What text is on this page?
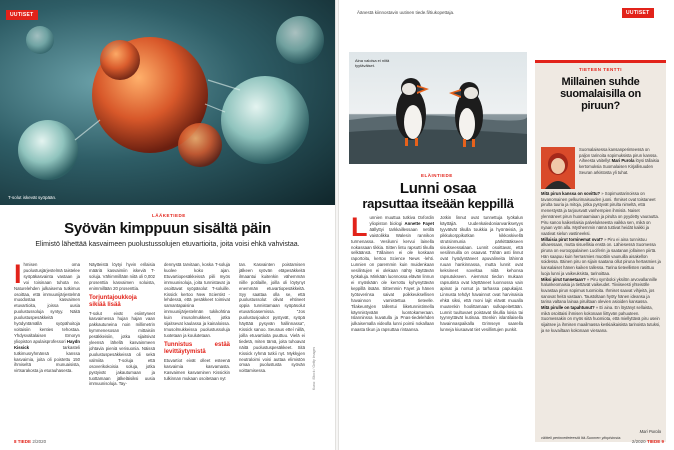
UUTISET
T-solut iskevät syöpään.
LÄÄKETIEDE
Syövän kimppuun sisältä päin

Elimistö lähettää kasvaimeen puolustussolujen etuvartioita, joita voisi ehkä vahvistaa.

I hmisen oma puolustusjärjestelmä taistelee syöpäkasvainta vastaan ja voi toisinaan tuhota ne. Naturelehden julkaisema tutkimus osoittaa, että immuunijärjestelmä muodostaa kasvaimen etuvartioita, joissa uusia puolustussoluja syntyy. Näitä puolustuspesäkkeitä hyödyntämällä syöpähoitoja voitaisiin kenties tehostaa. Yhdysvaltalaisen Emoryn yliopiston apulaisprofessori Haydn Kissick	tarkasteli tutkimusryhmänsä kanssa kasvaimia, joita oli poistettu 150 ihmiseltä munuaisista, virtsarakosta ja eturauhasesta.
Näytteistä löytyi hyvin erilaisia määriä kasvaimiin iskeviä T-soluja. Vähimmillään niitä oli 0,002 prosenttia kasvaimen soluista, enimmillään 20 prosenttia.
Torjuntajoukkoja sikiää lisää
T-solut eivät esiintyneet kasvaimessa hujan hajan vaan pakkautuneina noin millimetrin kymmenesosan mittaisiin pesäkkeisiin, jotka sijaitsivat yleensä lähellä kasvainmeen johtavia pieniä verisuonia. Näissä puolustuspesäkkeissä oli sekä valmiita T-soluja että osoverikokoisia soluja, jotka pystyivät jakautumaan ja tuottamaan jälkeläisiksi uusia immuunisoluja. Tay-
dennystä tarvitaan, koska T-soluja kuolee koko ajan. Etuvartiopesäkkeissä piili myös immuunisoluja, joita tunnistavat ja osoittavat syöpäsolut T-soluille. Kissick kertoo New Scientist -lehdessä, että pesäkkeet toimivat samantapaisina immuunijärjestelmän tukikohtina kuin imusolmukkeet, jotka sijaitsevat kaulassa ja kainaloissa. Imusolmukkeissa puolustussoluja tuotetaan ja koulutetaan.
Tunnistus estää levittäytymistä
Etuvartiot eivät olleet esteenä kasvaimia kasvamasta. Kasvaimen kasvaminen Kissickin tulkinnan mukaan osoitetaan nyt
tan. Kasvainten poistamisen jälkeen syövän etäpesäkkeitä ilmaantui kuitenkin vähemmän niille potilaille, joilla oli löytynyt enemmän etuvartiopesäkkeitä. Syy saattaa olla se, että puolustussolut olivat ehtineet oppia tunnistamaan syöpäsolut etuvartioasemissa. "Jos puolustusjoukot pystyvät, syöpä häyttää pysyvän hallinnassa", Kissick sanoo. Seuraus etteí niillä, joilla etuvartioita puuttuu. Vielä ei tiedetä, miten tämä, joita tuhoavat näitä puolustuspesäkkeet. Sitä Kissick ryhmä tutkii nyt. Mykkyjen neutraloimi voisi auttaa elimistön omaa puolustusta syövän voittamisessa.	Kuva: iStock / Getty Images
8 TIEDE 2/2020
Äänestä kiinnostavin uutinen tiede.fi/tiukopettaja.	UUTISET
Aina valoisa ei niitä tyytäväiset.
ELÄINTIEDE
Lunni osaa
rapsuttaa itseään keppillä
L unnien muuttua tutkiva Oxfordin yliopiston biologi Annette Fayet äällyttyi tarkkaillessaan netillä vaistolikka Walesin rannikon turmenassa. Vesilunni kervui lainella nokassaan tikkia. Sitten lintu rapsutti tikulla selkäänsä. Tällainen ei ole koskaan raportoitu, kertoo Science News -lehti. Lunnien on paremmin kuin muidenkaan vesilintujen ei olekaan nähty käyttävän työkaluja. Minkään luonnossa elävän linnun ei myöskään ole kerrottu kyhynyttävän keppillä itsään. Sittemmin Fayet ja hänen työtoverinsa saivat poikkeuksellisen havainnon vamistettua tieteelle. Tilakeuntyjen tallentui liiketunnistimella käynnistyvään luontokameraan. Islanninssa kuvatulla ja Pnas-tiedelehden julkaisemalla videolla lunni poimii nokallaan maasta tikun ja rapsuttaa rintaansa.
Jotkin linnut ovat tunnettuja työkalun käyttäjiä. Uudenkaledonianvariksetyys tyyvätvät tikulla toukkia ja hyönteisiä, ja pikkukorppikotkan kikkoskivellä strutsinmunia pärkittääkseen sisukseessalaan. Lunnit osoittavat, että vesilinnuilla on osaavat. Tähän asti linnut ovat hyödyntäneet apuvalineita lähinnä ruuan hankinnassa, mutta lunnit ovat keksineet soveltaa niitä kehonsa rapsutukseen. Aiemmat tiedon mukaan rapsutinta ovat käyttäneet luonnossa vain apinat ja norsut ja tarhassa papukaijat. Linnusta tehdyt havainnot ovat harvinaisia ehkä siksi, että moni lajit elävät muualla muutenkin hoolittamaan sulkapeitettään. Lunnit tuultuvaet poistavat tikullia loisia tai tyynnyttävät kutinaa. Etenkin islantilaisella havainnaspaikalla Grimseyn saarella lunneja kiusaavat tiet vesillintujen punkit.
TIETEEN TENTTI
Millainen suhde suomalaisilla on piruun?
Suomalaisessa kansanperinteessä on paljon tarinoita sopimuksista pirun kanssa. Aiheesta väitellyt Mari Purola löysi tällaisia kertomuksia Suomalaisen Kirjallisuuden Seuran arkistosta yli tuhat.
Mitä pirun kanssa on sovittu? » Sopimustarinoissa on tavanomainen pelkurimaisuuden juoni. Ihmiset ovat toistaneet pirulta tuuria ja mitoja, jotka pystyvät pirulta nimeltä, että menestystä ja tarjousvatt vanhempien ihmisiä. Naiset ylennäneet pirun huomaamiaan ja pirulta on pyydetty vaurautta. Piru sanoo kaikenlaisia palvelukseesta vaikka sen, mikä on nyaan vyön alla. Myöhemmin nämä tuttivat heidät kaikki ja vaativat sielun vastineeksi.
Millaisia pirut torninemat ovat? » Piru ei aina tunnistuu alkaessaan, mutta sisuellisia enstä on. Lähiesessä Suomessa piruna on eurooppalainen Luciferin ja saatanan jollainen piirtä. Hän saapuu kuin herrasmies muottiin vaunuilla aisakellon soidessa. Itäinen piru on sijain saatana ollut piruna hertasmies ja kansalaiset hänen kaiken tallessa. Tarina tieteellisten rasittuu luoja lunni ja vaikeuksista, tarinoittaa.
Miksi pirut tunnetaan? » Piru symboloi yksilön arvovallannille halunkeomaisia ja tiettävät vaikeudet. Tiiviiseesti yhteisölle kuvastaa pirun sopimus tuomioita. Ihmiset saavat vihjeitä, jos sanovat heitä vastaan. Taustoltaan hyöty hänen ideansa ja tarina valtana lainaa piruiltaan olevien asioiden kansassa.
Mitä pirulle on tapahtunut? » Ei aina. En löytänyt sellaista, mikä osoittaisi ihmisen kokonaan liittyvän pahuuteen. Suomessakin on myös siitä huomiota, että miellyttävä piru usein sijaitsee ja ihmisen maailmassa keskiaikaisista tarinoista tutuksi, ja se kuvailtaan kokonaan vieraana.
Mari Purola
väitteli perinnetieteestä Itä-Suomen yliopistosta.
2/2020 TIEDE 9
